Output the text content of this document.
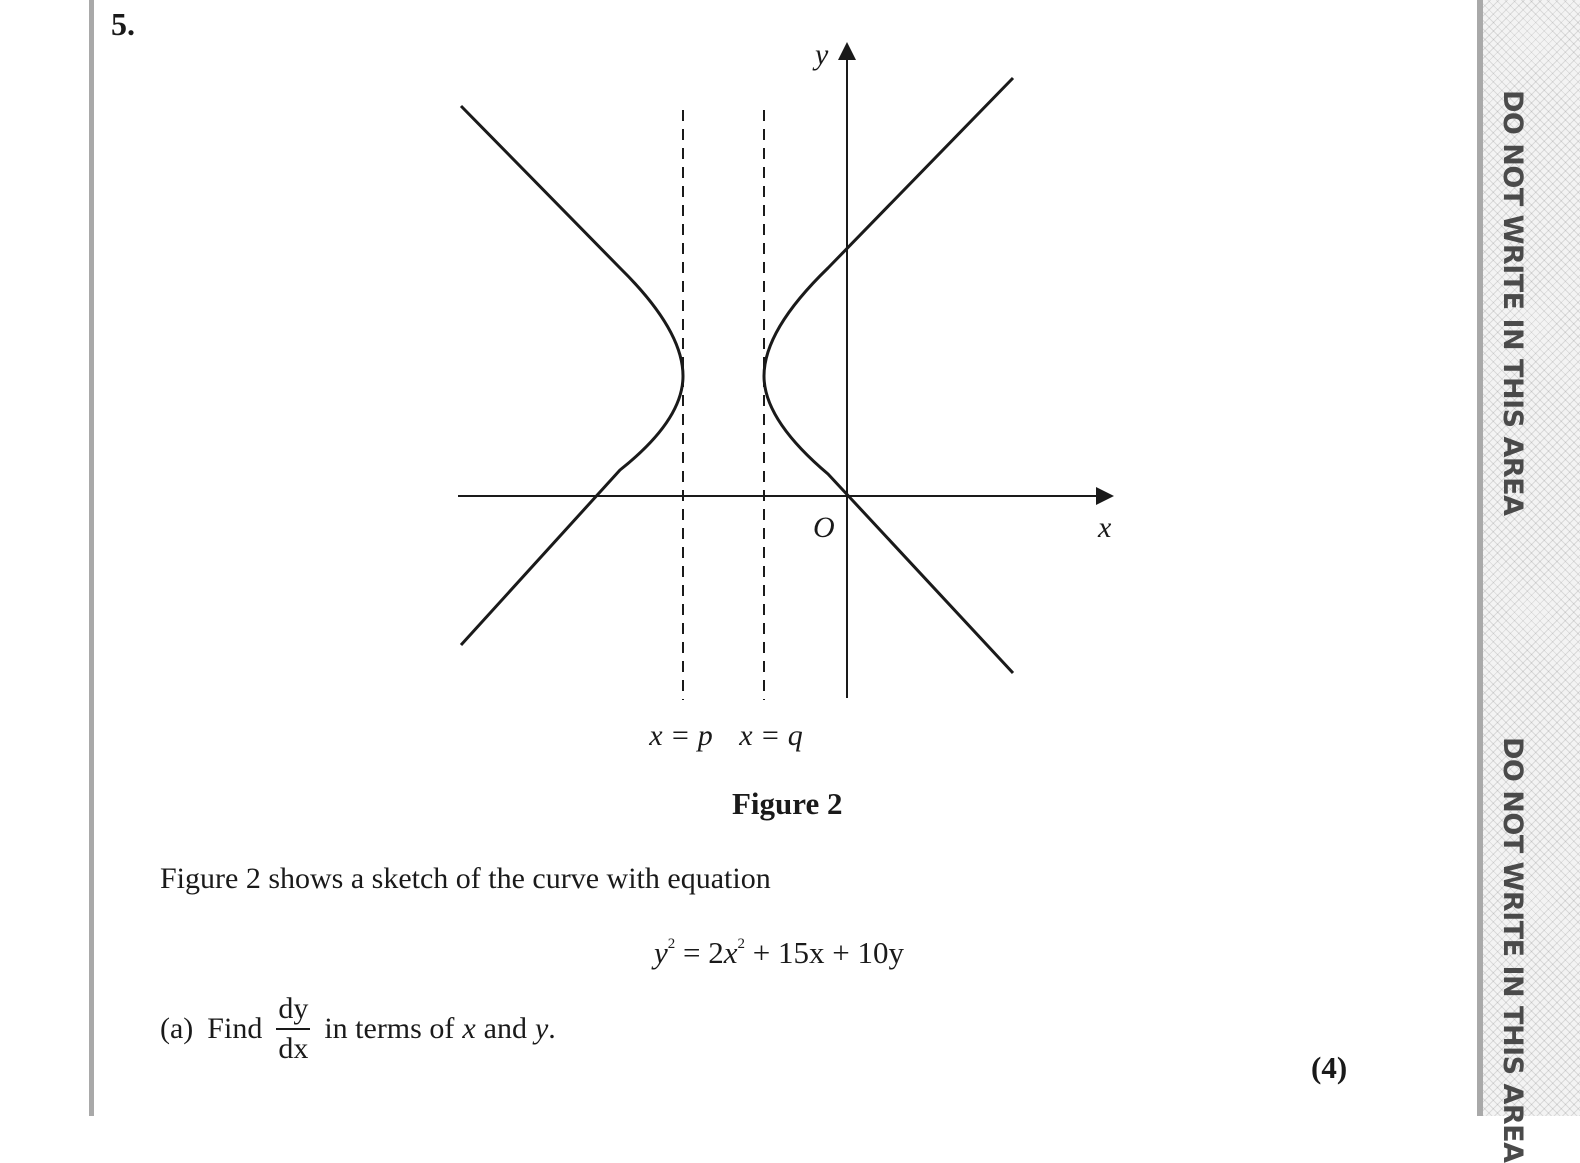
DO NOT WRITE IN THIS AREA
DO NOT WRITE IN THIS AREA
5.
y
x
O
x = p x = q
Figure 2
Figure 2 shows a sketch of the curve with equation
$y^2 = 2x^2 + 15x + 10y$
(a) Find $\frac{dy}{dx}$ in terms of x and y .
(4)
